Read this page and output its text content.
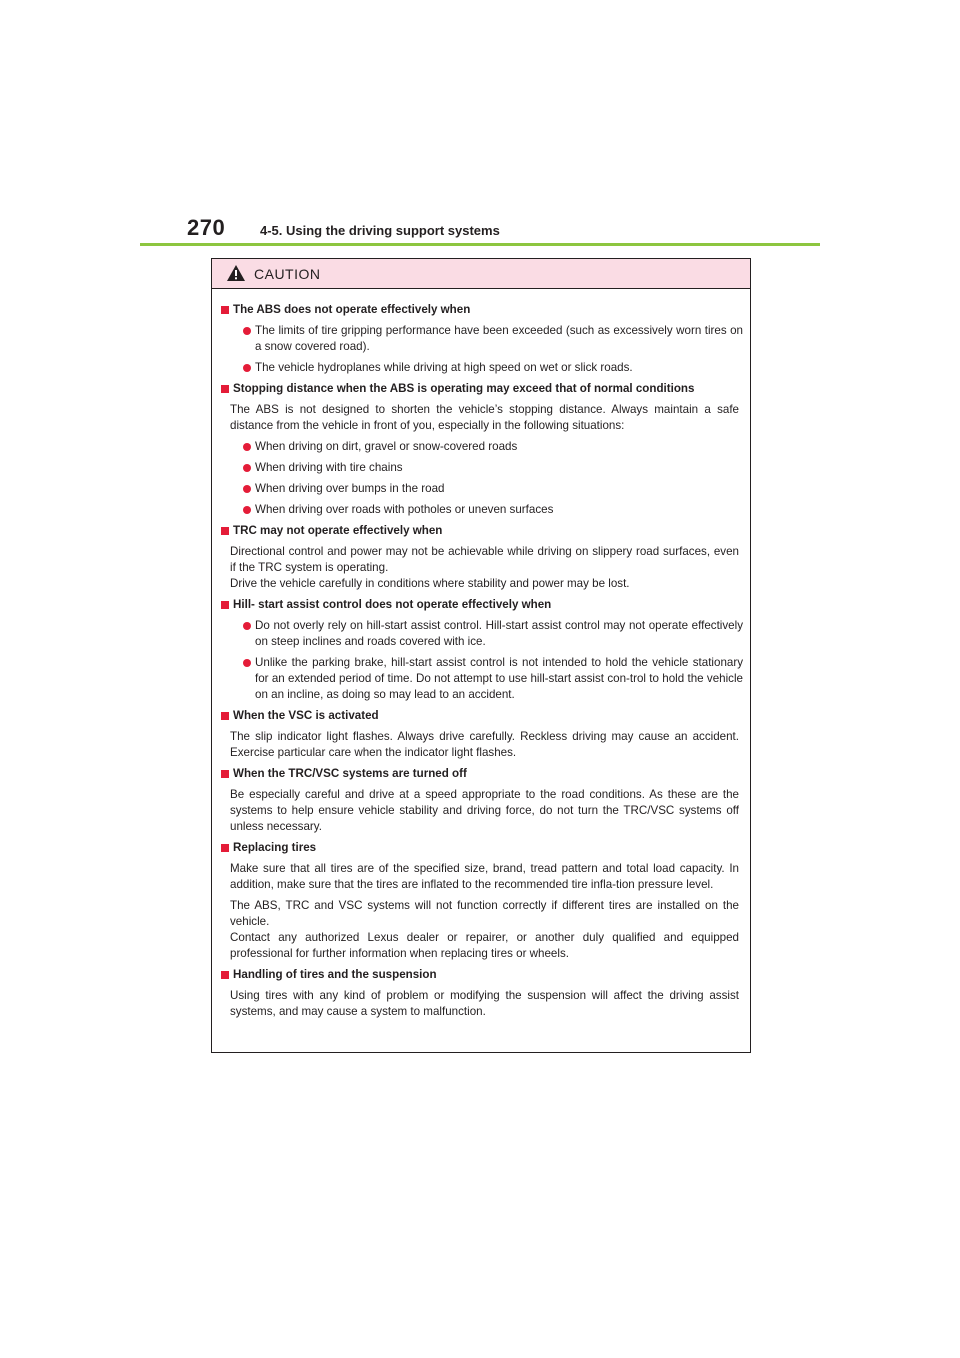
270	4-5. Using the driving support systems
CAUTION
The ABS does not operate effectively when
The limits of tire gripping performance have been exceeded (such as excessively worn tires on a snow covered road).
The vehicle hydroplanes while driving at high speed on wet or slick roads.
Stopping distance when the ABS is operating may exceed that of normal conditions
The ABS is not designed to shorten the vehicle’s stopping distance. Always maintain a safe distance from the vehicle in front of you, especially in the following situations:
When driving on dirt, gravel or snow-covered roads
When driving with tire chains
When driving over bumps in the road
When driving over roads with potholes or uneven surfaces
TRC may not operate effectively when
Directional control and power may not be achievable while driving on slippery road surfaces, even if the TRC system is operating.
Drive the vehicle carefully in conditions where stability and power may be lost.
Hill- start assist control does not operate effectively when
Do not overly rely on hill-start assist control. Hill-start assist control may not operate effectively on steep inclines and roads covered with ice.
Unlike the parking brake, hill-start assist control is not intended to hold the vehicle stationary for an extended period of time. Do not attempt to use hill-start assist con-trol to hold the vehicle on an incline, as doing so may lead to an accident.
When the VSC is activated
The slip indicator light flashes. Always drive carefully. Reckless driving may cause an accident. Exercise particular care when the indicator light flashes.
When the TRC/VSC systems are turned off
Be especially careful and drive at a speed appropriate to the road conditions. As these are the systems to help ensure vehicle stability and driving force, do not turn the TRC/VSC systems off unless necessary.
Replacing tires
Make sure that all tires are of the specified size, brand, tread pattern and total load capacity. In addition, make sure that the tires are inflated to the recommended tire infla-tion pressure level.
The ABS, TRC and VSC systems will not function correctly if different tires are installed on the vehicle.
Contact any authorized Lexus dealer or repairer, or another duly qualified and equipped professional for further information when replacing tires or wheels.
Handling of tires and the suspension
Using tires with any kind of problem or modifying the suspension will affect the driving assist systems, and may cause a system to malfunction.
